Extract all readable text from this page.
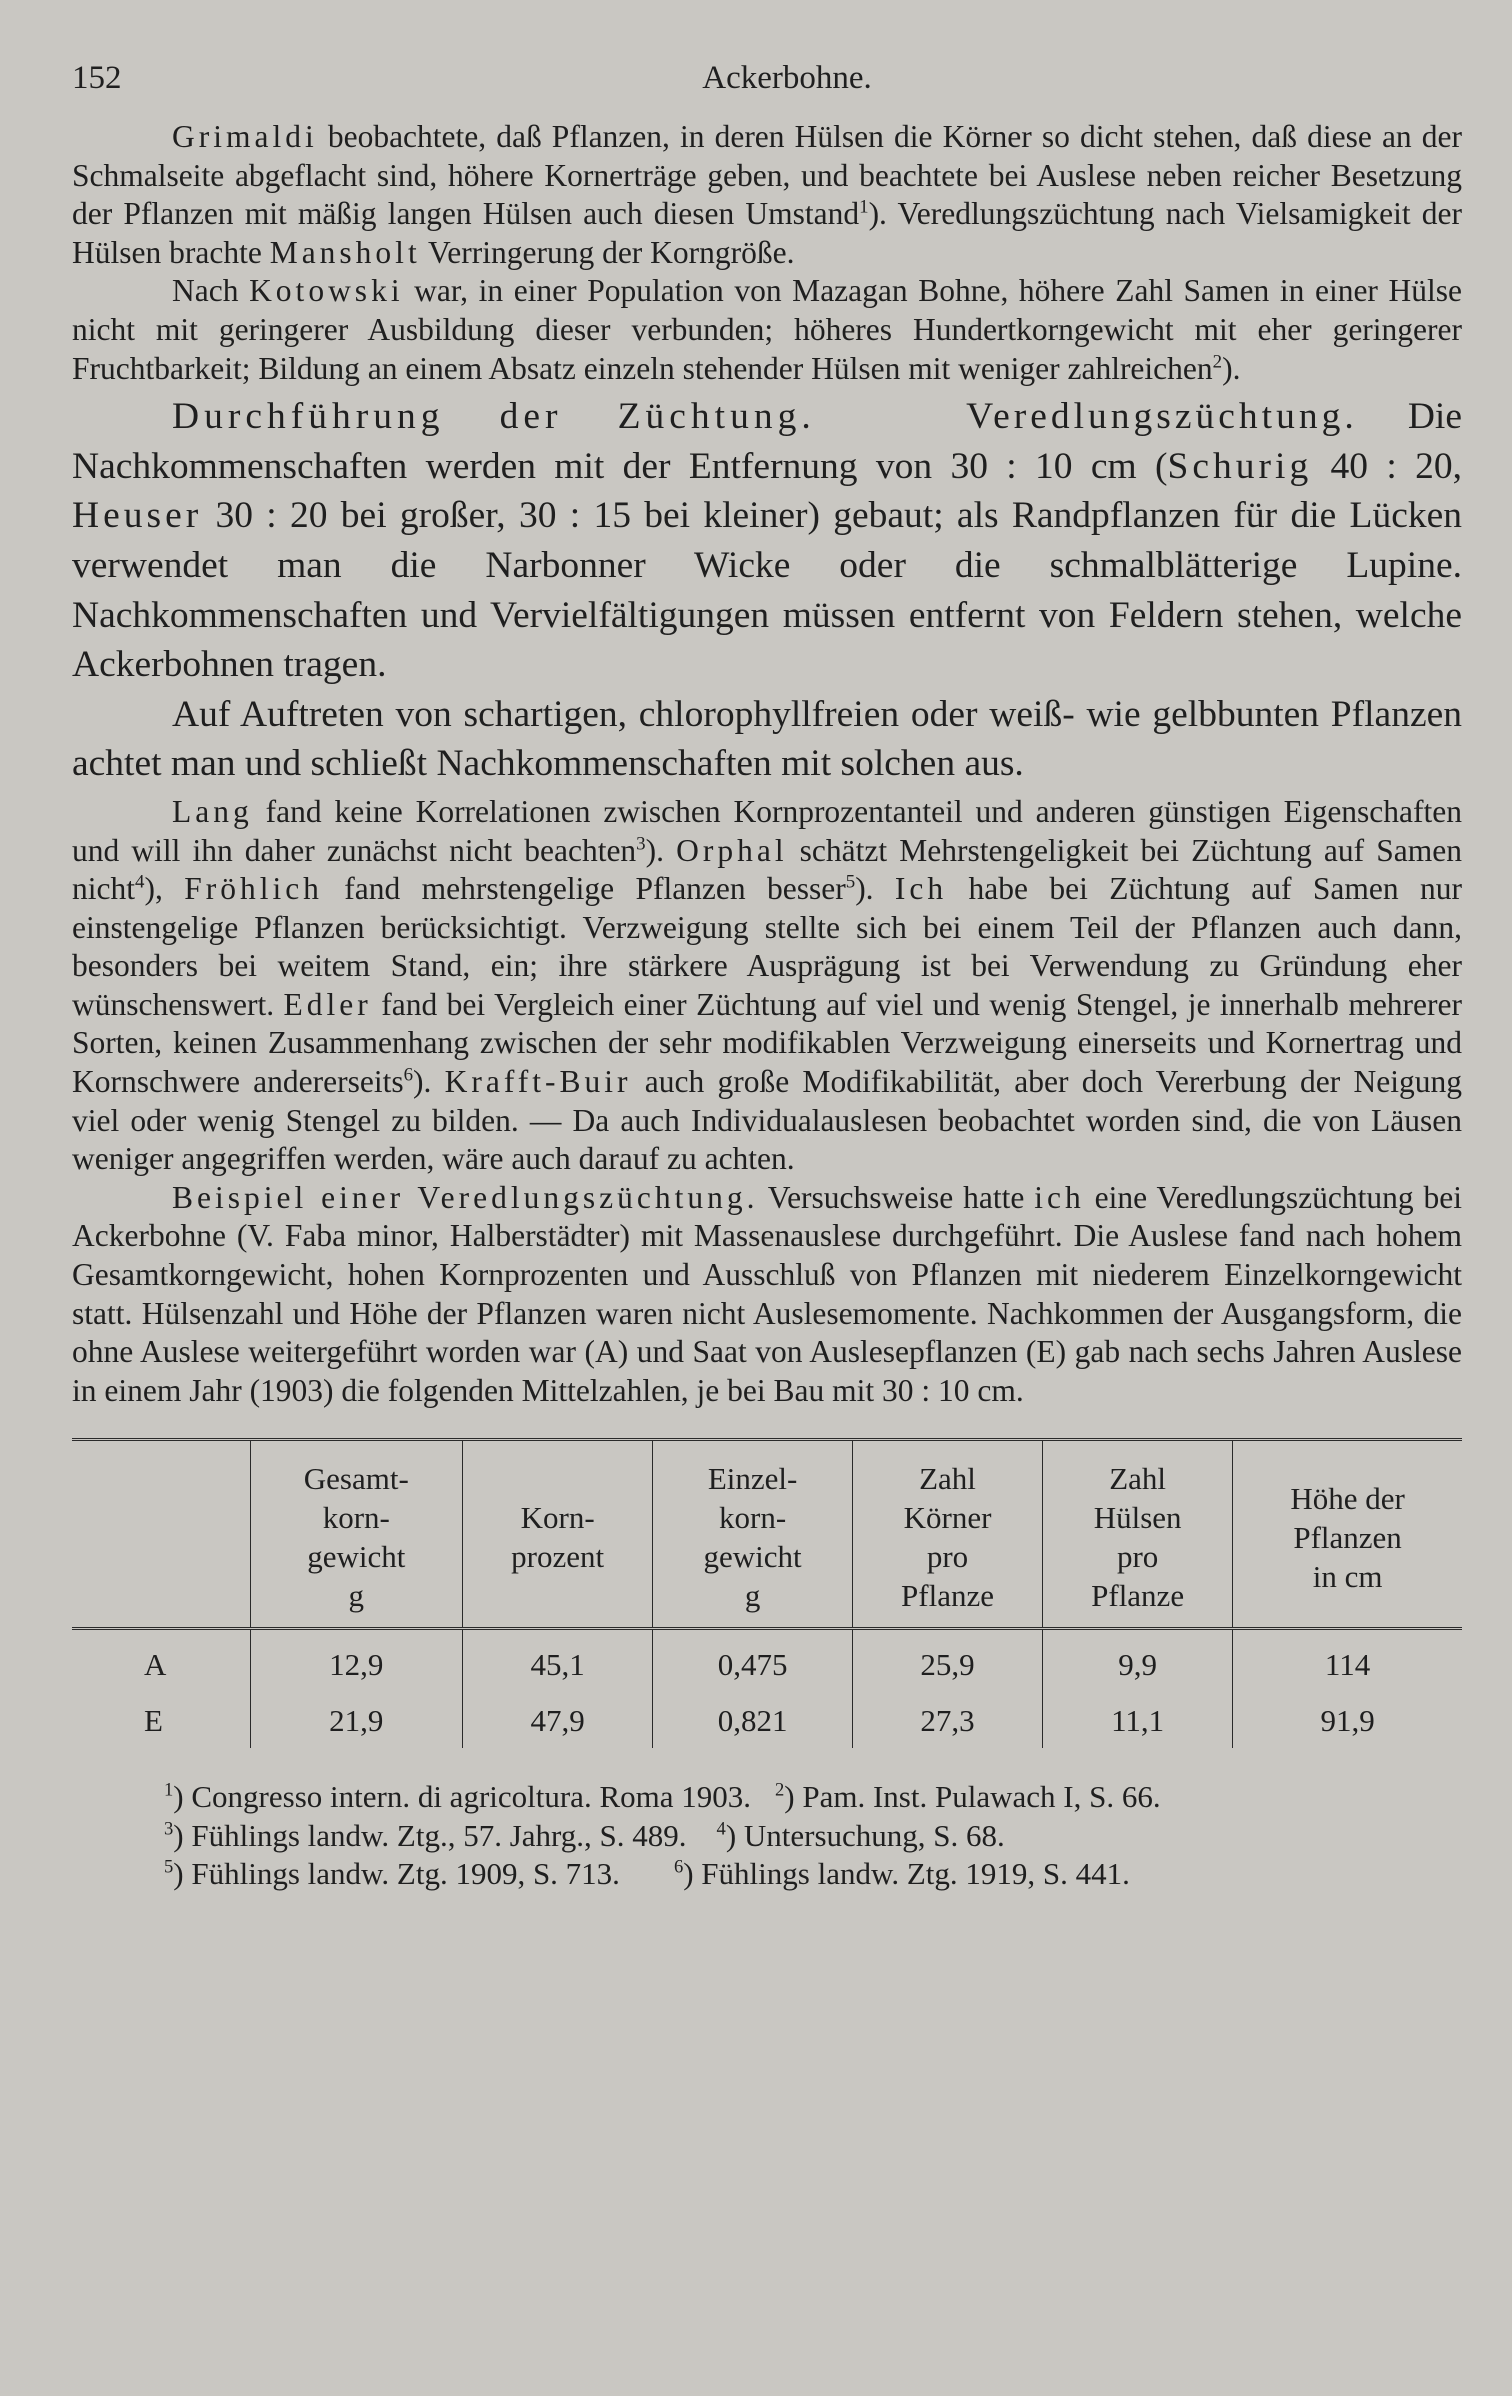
152	Ackerbohne.

Grimaldi beobachtete, daß Pflanzen, in deren Hülsen die Körner so dicht stehen, daß diese an der Schmalseite abgeflacht sind, höhere Kornerträge geben, und beachtete bei Auslese neben reicher Besetzung der Pflanzen mit mäßig langen Hülsen auch diesen Umstand$^1$). Veredlungszüchtung nach Vielsamigkeit der Hülsen brachte Mansholt Verringerung der Korngröße.

Nach Kotowski war, in einer Population von Mazagan Bohne, höhere Zahl Samen in einer Hülse nicht mit geringerer Ausbildung dieser verbunden; höheres Hundertkorngewicht mit eher geringerer Fruchtbarkeit; Bildung an einem Absatz einzeln stehender Hülsen mit weniger zahlreichen$^2$).

Durchführung der Züchtung.	Veredlungszüchtung. Die Nachkommenschaften werden mit der Entfernung von 30 : 10 cm (Schurig 40 : 20, Heuser 30 : 20 bei großer, 30 : 15 bei kleiner) gebaut; als Randpflanzen für die Lücken verwendet man die Narbonner Wicke oder die schmalblätterige Lupine. Nachkommenschaften und Vervielfältigungen müssen entfernt von Feldern stehen, welche Ackerbohnen tragen.

Auf Auftreten von schartigen, chlorophyllfreien oder weiß- wie gelbbunten Pflanzen achtet man und schließt Nachkommenschaften mit solchen aus.

Lang fand keine Korrelationen zwischen Kornprozentanteil und anderen günstigen Eigenschaften und will ihn daher zunächst nicht beachten$^3$). Orphal schätzt Mehrstengeligkeit bei Züchtung auf Samen nicht$^4$), Fröhlich fand mehrstengelige Pflanzen besser$^5$). Ich habe bei Züchtung auf Samen nur einstengelige Pflanzen berücksichtigt. Verzweigung stellte sich bei einem Teil der Pflanzen auch dann, besonders bei weitem Stand, ein; ihre stärkere Ausprägung ist bei Verwendung zu Gründung eher wünschenswert. Edler fand bei Vergleich einer Züchtung auf viel und wenig Stengel, je innerhalb mehrerer Sorten, keinen Zusammenhang zwischen der sehr modifikablen Verzweigung einerseits und Kornertrag und Kornschwere andererseits$^6$). Krafft-Buir auch große Modifikabilität, aber doch Vererbung der Neigung viel oder wenig Stengel zu bilden. — Da auch Individualauslesen beobachtet worden sind, die von Läusen weniger angegriffen werden, wäre auch darauf zu achten.

Beispiel einer Veredlungszüchtung. Versuchsweise hatte ich eine Veredlungszüchtung bei Ackerbohne (V. Faba minor, Halberstädter) mit Massenauslese durchgeführt. Die Auslese fand nach hohem Gesamtkorngewicht, hohen Kornprozenten und Ausschluß von Pflanzen mit niederem Einzelkorngewicht statt. Hülsenzahl und Höhe der Pflanzen waren nicht Auslesemomente. Nachkommen der Ausgangsform, die ohne Auslese weitergeführt worden war (A) und Saat von Auslesepflanzen (E) gab nach sechs Jahren Auslese in einem Jahr (1903) die folgenden Mittelzahlen, je bei Bau mit 30 : 10 cm.

	Gesamt-
korn-
gewicht
g	Korn-
prozent	Einzel-
korn-
gewicht
g	Zahl
Körner
pro
Pflanze	Zahl
Hülsen
pro
Pflanze	Höhe der
Pflanzen
in cm
A	12,9	45,1	0,475	25,9	9,9	114
E	21,9	47,9	0,821	27,3	11,1	91,9
$^1$) Congresso intern. di agricoltura. Roma 1903. $^2$) Pam. Inst. Pulawach I, S. 66.
$^3$) Fühlings landw. Ztg., 57. Jahrg., S. 489. $^4$) Untersuchung, S. 68.
$^5$) Fühlings landw. Ztg. 1909, S. 713.	$^6$) Fühlings landw. Ztg. 1919, S. 441.
